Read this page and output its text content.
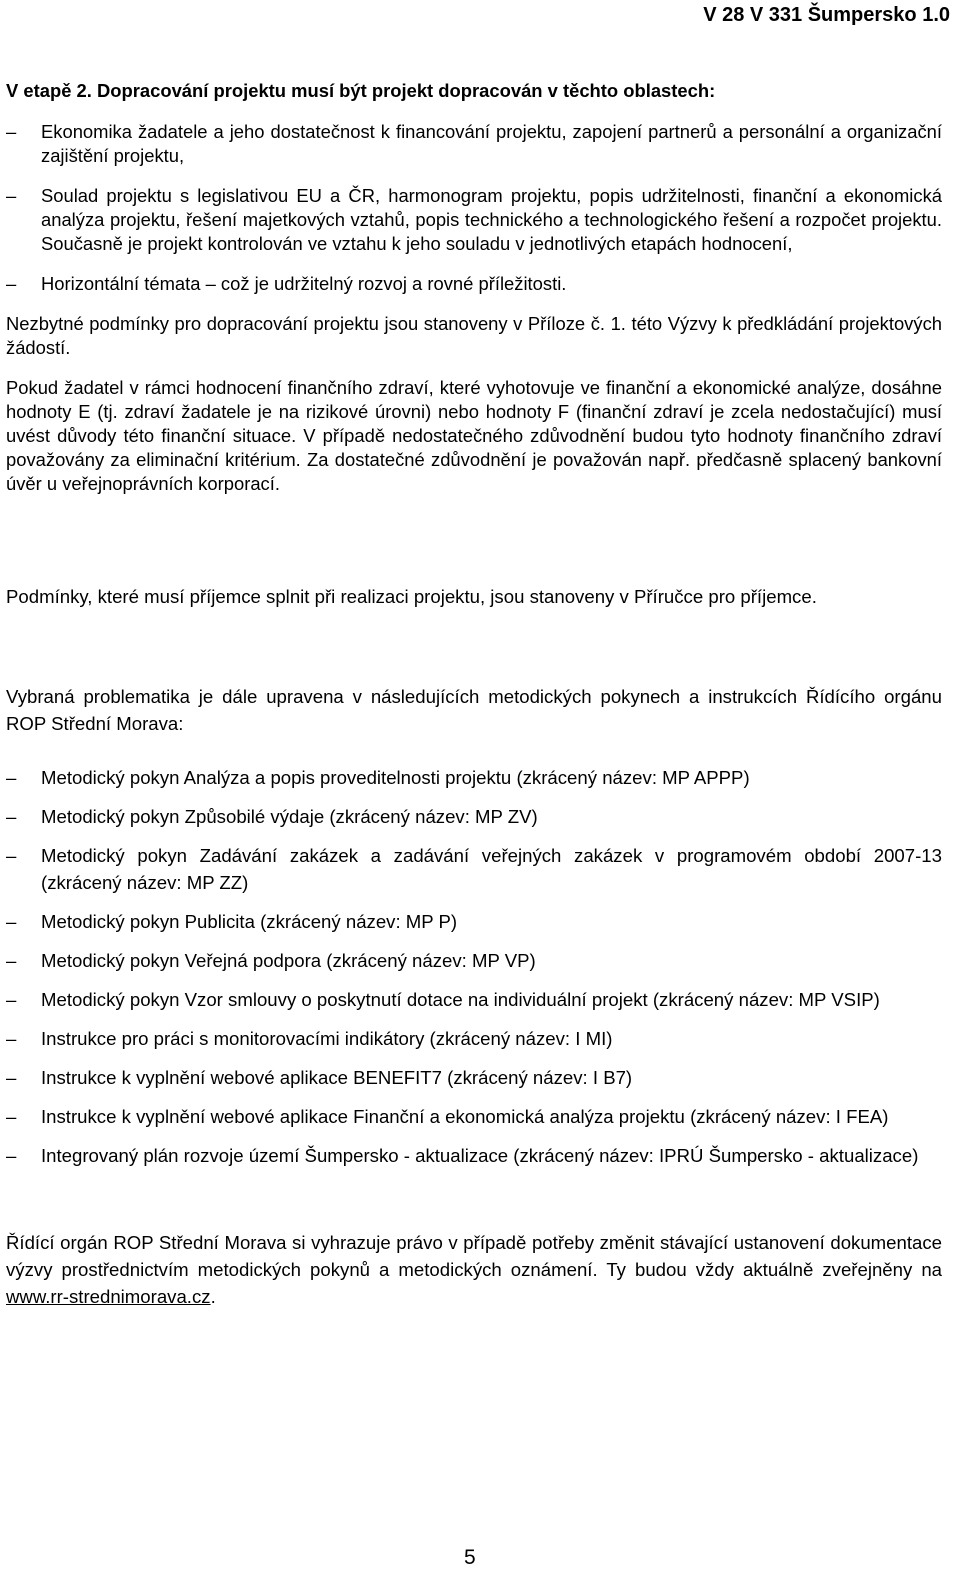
V 28 V 331 Šumpersko 1.0

V etapě 2. Dopracování projektu musí být projekt dopracován v těchto oblastech:

– Ekonomika žadatele a jeho dostatečnost k financování projektu, zapojení partnerů a personální a organizační zajištění projektu,
– Soulad projektu s legislativou EU a ČR, harmonogram projektu, popis udržitelnosti, finanční a ekonomická analýza projektu, řešení majetkových vztahů, popis technického a technologického řešení a rozpočet projektu. Současně je projekt kontrolován ve vztahu k jeho souladu v jednotlivých etapách hodnocení,
– Horizontální témata – což je udržitelný rozvoj a rovné příležitosti.

Nezbytné podmínky pro dopracování projektu jsou stanoveny v Příloze č. 1. této Výzvy k předkládání projektových žádostí.

Pokud žadatel v rámci hodnocení finančního zdraví, které vyhotovuje ve finanční a ekonomické analýze, dosáhne hodnoty E (tj. zdraví žadatele je na rizikové úrovni) nebo hodnoty F (finanční zdraví je zcela nedostačující) musí uvést důvody této finanční situace. V případě nedostatečného zdůvodnění budou tyto hodnoty finančního zdraví považovány za eliminační kritérium. Za dostatečné zdůvodnění je považován např. předčasně splacený bankovní úvěr u veřejnoprávních korporací.

Podmínky, které musí příjemce splnit při realizaci projektu, jsou stanoveny v Příručce pro příjemce.

Vybraná problematika je dále upravena v následujících metodických pokynech a instrukcích Řídícího orgánu ROP Střední Morava:

– Metodický pokyn Analýza a popis proveditelnosti projektu (zkrácený název: MP APPP)
– Metodický pokyn Způsobilé výdaje (zkrácený název: MP ZV)
– Metodický pokyn Zadávání zakázek a zadávání veřejných zakázek v programovém období 2007-13 (zkrácený název: MP ZZ)
– Metodický pokyn Publicita (zkrácený název: MP P)
– Metodický pokyn Veřejná podpora (zkrácený název: MP VP)
– Metodický pokyn Vzor smlouvy o poskytnutí dotace na individuální projekt (zkrácený název: MP VSIP)
– Instrukce pro práci s monitorovacími indikátory (zkrácený název: I MI)
– Instrukce k vyplnění webové aplikace BENEFIT7 (zkrácený název: I B7)
– Instrukce k vyplnění webové aplikace Finanční a ekonomická analýza projektu (zkrácený název: I FEA)
– Integrovaný plán rozvoje území Šumpersko - aktualizace (zkrácený název: IPRÚ Šumpersko - aktualizace)

Řídící orgán ROP Střední Morava si vyhrazuje právo v případě potřeby změnit stávající ustanovení dokumentace výzvy prostřednictvím metodických pokynů a metodických oznámení. Ty budou vždy aktuálně zveřejněny na www.rr-strednimorava.cz.

5
